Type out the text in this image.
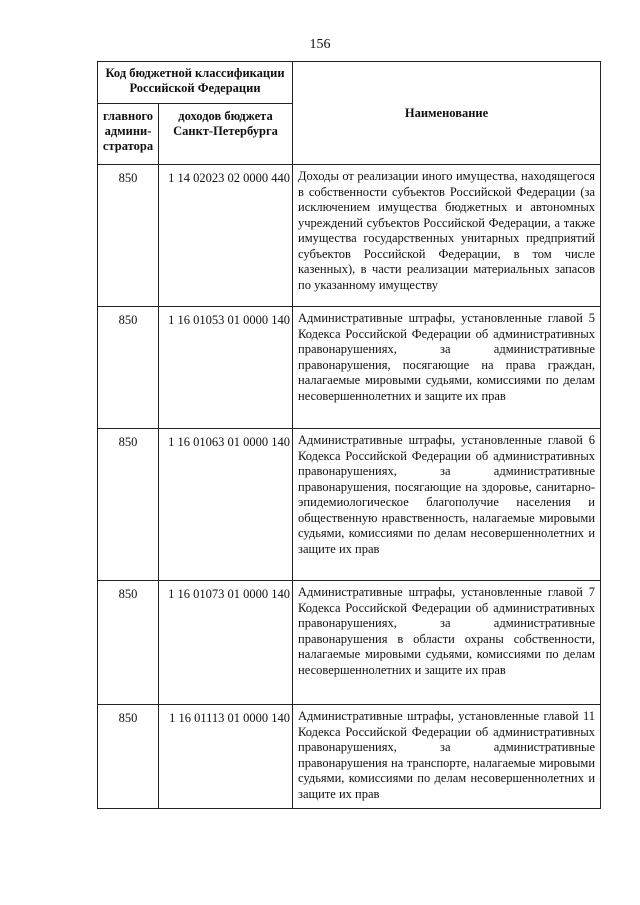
156
Код бюджетной классификации Российской Федерации		Наименование
главного админи-стратора	доходов бюджета Санкт-Петербурга	
850	1 14 02023 02 0000 440	Доходы от реализации иного имущества, находящегося в собственности субъектов Российской Федерации (за исключением имущества бюджетных и автономных учреждений субъектов Российской Федерации, а также имущества государственных унитарных предприятий субъектов Российской Федерации, в том числе казенных), в части реализации материальных запасов по указанному имуществу
850	1 16 01053 01 0000 140	Административные штрафы, установленные главой 5 Кодекса Российской Федерации об административных правонарушениях, за административные правонарушения, посягающие на права граждан, налагаемые мировыми судьями, комиссиями по делам несовершеннолетних и защите их прав
850	1 16 01063 01 0000 140	Административные штрафы, установленные главой 6 Кодекса Российской Федерации об административных правонарушениях, за административные правонарушения, посягающие на здоровье, санитарно-эпидемиологическое благополучие населения и общественную нравственность, налагаемые мировыми судьями, комиссиями по делам несовершеннолетних и защите их прав
850	1 16 01073 01 0000 140	Административные штрафы, установленные главой 7 Кодекса Российской Федерации об административных правонарушениях, за административные правонарушения в области охраны собственности, налагаемые мировыми судьями, комиссиями по делам несовершеннолетних и защите их прав
850	1 16 01113 01 0000 140	Административные штрафы, установленные главой 11 Кодекса Российской Федерации об административных правонарушениях, за административные правонарушения на транспорте, налагаемые мировыми судьями, комиссиями по делам несовершеннолетних и защите их прав
